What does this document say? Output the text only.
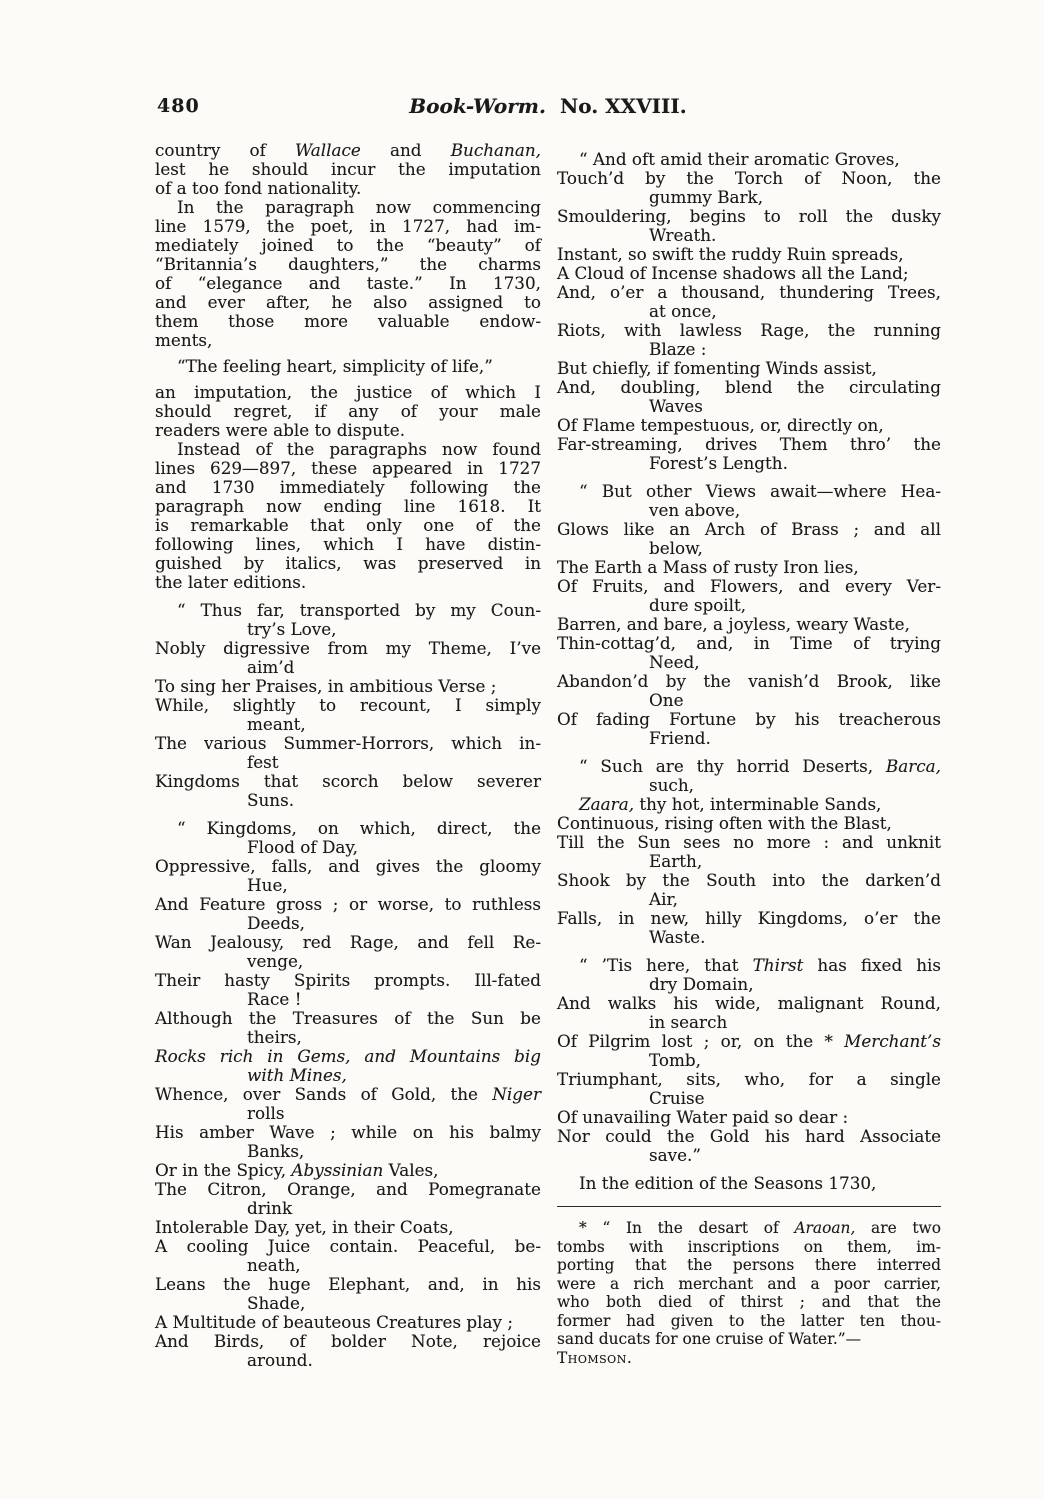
480	Book-Worm. No. XXVIII.
country of Wallace and Buchanan,
lest he should incur the imputation
of a too fond nationality.
In the paragraph now commencing
line 1579, the poet, in 1727, had im-
mediately joined to the “beauty” of
“Britannia’s daughters,” the charms
of “elegance and taste.” In 1730,
and ever after, he also assigned to
them those more valuable endow-
ments,
“The feeling heart, simplicity of life,”
an imputation, the justice of which I
should regret, if any of your male
readers were able to dispute.
Instead of the paragraphs now found
lines 629—897, these appeared in 1727
and 1730 immediately following the
paragraph now ending line 1618. It
is remarkable that only one of the
following lines, which I have distin-
guished by italics, was preserved in
the later editions.
“ Thus far, transported by my Coun-
try’s Love,
Nobly digressive from my Theme, I’ve
aim’d
To sing her Praises, in ambitious Verse ;
While, slightly to recount, I simply
meant,
The various Summer-Horrors, which in-
fest
Kingdoms that scorch below severer
Suns.
“ Kingdoms, on which, direct, the
Flood of Day,
Oppressive, falls, and gives the gloomy
Hue,
And Feature gross ; or worse, to ruthless
Deeds,
Wan Jealousy, red Rage, and fell Re-
venge,
Their hasty Spirits prompts. Ill-fated
Race !
Although the Treasures of the Sun be
theirs,
Rocks rich in Gems, and Mountains big
with Mines,
Whence, over Sands of Gold, the Niger
rolls
His amber Wave ; while on his balmy
Banks,
Or in the Spicy, Abyssinian Vales,
The Citron, Orange, and Pomegranate
drink
Intolerable Day, yet, in their Coats,
A cooling Juice contain. Peaceful, be-
neath,
Leans the huge Elephant, and, in his
Shade,
A Multitude of beauteous Creatures play ;
And Birds, of bolder Note, rejoice
around.
“ And oft amid their aromatic Groves,
Touch’d by the Torch of Noon, the
gummy Bark,
Smouldering, begins to roll the dusky
Wreath.
Instant, so swift the ruddy Ruin spreads,
A Cloud of Incense shadows all the Land;
And, o’er a thousand, thundering Trees,
at once,
Riots, with lawless Rage, the running
Blaze :
But chiefly, if fomenting Winds assist,
And, doubling, blend the circulating
Waves
Of Flame tempestuous, or, directly on,
Far-streaming, drives Them thro’ the
Forest’s Length.
“ But other Views await—where Hea-
ven above,
Glows like an Arch of Brass ; and all
below,
The Earth a Mass of rusty Iron lies,
Of Fruits, and Flowers, and every Ver-
dure spoilt,
Barren, and bare, a joyless, weary Waste,
Thin-cottag’d, and, in Time of trying
Need,
Abandon’d by the vanish’d Brook, like
One
Of fading Fortune by his treacherous
Friend.
“ Such are thy horrid Deserts, Barca,
such,
Zaara, thy hot, interminable Sands,
Continuous, rising often with the Blast,
Till the Sun sees no more : and unknit
Earth,
Shook by the South into the darken’d
Air,
Falls, in new, hilly Kingdoms, o’er the
Waste.
“ ’Tis here, that Thirst has fixed his
dry Domain,
And walks his wide, malignant Round,
in search
Of Pilgrim lost ; or, on the * Merchant’s
Tomb,
Triumphant, sits, who, for a single
Cruise
Of unavailing Water paid so dear :
Nor could the Gold his hard Associate
save.”
In the edition of the Seasons 1730,
* “ In the desart of Araoan, are two
tombs with inscriptions on them, im-
porting that the persons there interred
were a rich merchant and a poor carrier,
who both died of thirst ; and that the
former had given to the latter ten thou-
sand ducats for one cruise of Water.”—
Thomson.
